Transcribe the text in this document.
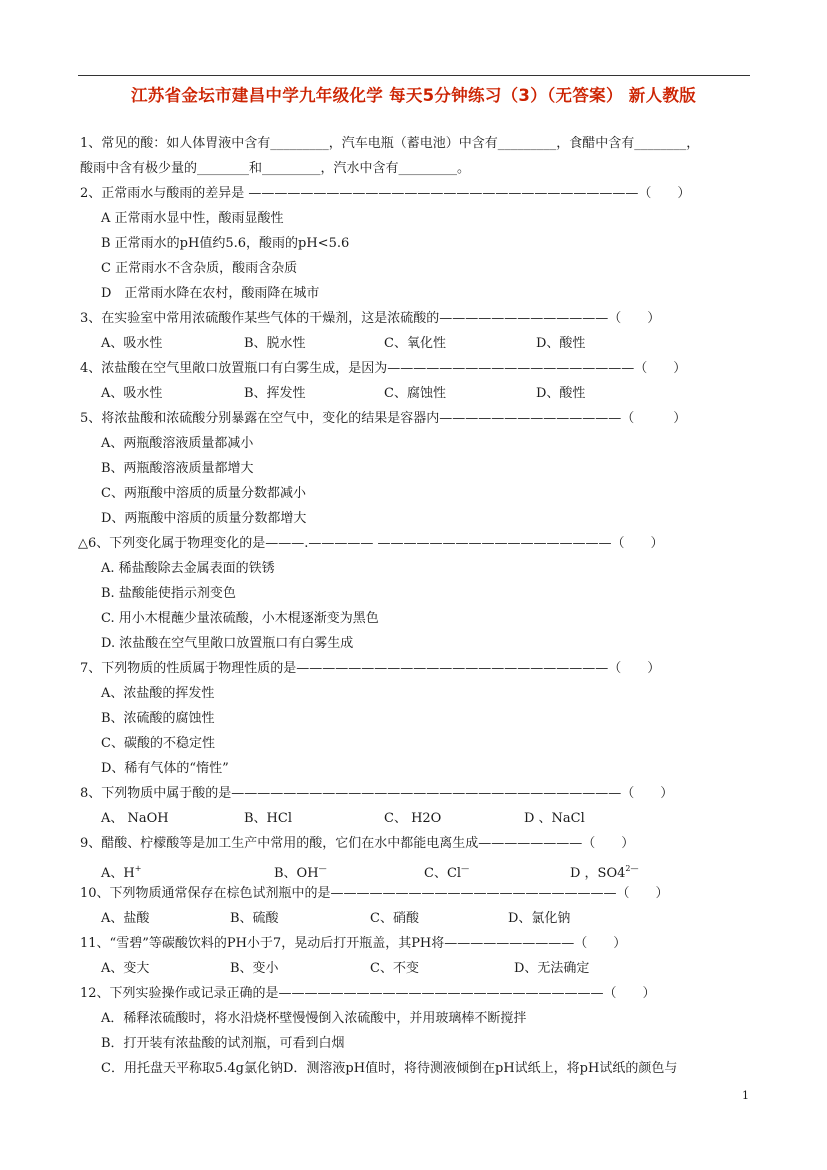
江苏省金坛市建昌中学九年级化学 每天5分钟练习（3）（无答案） 新人教版
1、常见的酸：如人体胃液中含有_________，汽车电瓶（蓄电池）中含有_________，食醋中含有________，
酸雨中含有极少量的________和_________，汽水中含有_________。
2、正常雨水与酸雨的差异是 ——————————————————————————————（　　）
A 正常雨水显中性，酸雨显酸性
B 正常雨水的pH值约5.6，酸雨的pH<5.6
C 正常雨水不含杂质，酸雨含杂质
D　正常雨水降在农村，酸雨降在城市
3、在实验室中常用浓硫酸作某些气体的干燥剂，这是浓硫酸的—————————————（　　）
A、吸水性	B、脱水性	C、氧化性	D、酸性
4、浓盐酸在空气里敞口放置瓶口有白雾生成，是因为———————————————————（　　）
A、吸水性	B、挥发性	C、腐蚀性	D、酸性
5、将浓盐酸和浓硫酸分别暴露在空气中，变化的结果是容器内——————————————（　　　）
A、两瓶酸溶液质量都减小
B、两瓶酸溶液质量都增大
C、两瓶酸中溶质的质量分数都减小
D、两瓶酸中溶质的质量分数都增大
△6、下列变化属于物理变化的是———.————— ——————————————————（　　）
A. 稀盐酸除去金属表面的铁锈
B. 盐酸能使指示剂变色
C. 用小木棍蘸少量浓硫酸，小木棍逐渐变为黑色
D. 浓盐酸在空气里敞口放置瓶口有白雾生成
7、下列物质的性质属于物理性质的是————————————————————————（　　）
A、浓盐酸的挥发性
B、浓硫酸的腐蚀性
C、碳酸的不稳定性
D、稀有气体的“惰性”
8、下列物质中属于酸的是——————————————————————————————（　　）
A、 NaOH	B、HCl	C、 H2O	D 、NaCl
9、醋酸、柠檬酸等是加工生产中常用的酸，它们在水中都能电离生成————————（　　）
A、H+	B、OH—	C、Cl—	D ，$SO4^{2—}$
10、下列物质通常保存在棕色试剂瓶中的是——————————————————————（　　）
A、盐酸	B、硫酸	C、硝酸	D、氯化钠
11、“雪碧”等碳酸饮料的PH小于7，晃动后打开瓶盖，其PH将——————————（　　）
A、变大	B、变小	C、不变	D、无法确定
12、下列实验操作或记录正确的是—————————————————————————（　　）
A．稀释浓硫酸时，将水沿烧杯壁慢慢倒入浓硫酸中，并用玻璃棒不断搅拌
B．打开装有浓盐酸的试剂瓶，可看到白烟
C．用托盘天平称取5.4g氯化钠D．测溶液pH值时，将待测液倾倒在pH试纸上，将pH试纸的颜色与
1
